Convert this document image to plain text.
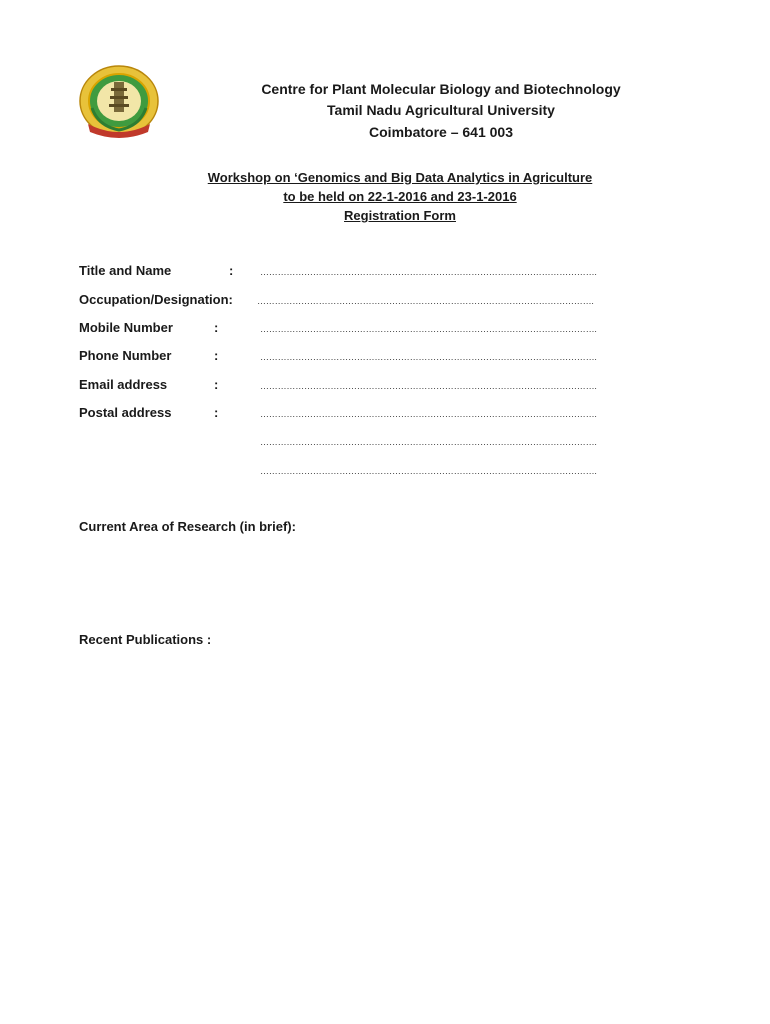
Centre for Plant Molecular Biology and Biotechnology
Tamil Nadu Agricultural University
Coimbatore – 641 003
Workshop on ‘Genomics and Big Data Analytics in Agriculture
to be held on 22-1-2016 and 23-1-2016
Registration Form
Title and Name	:	…………………………………………………………………………………………………….
Occupation/Designation:	…………………………………………………………………………………………………….
Mobile Number	:	…………………………………………………………………………………………………….
Phone Number	:	…………………………………………………………………………………………………….
Email address	:	…………………………………………………………………………………………………….
Postal address	:	…………………………………………………………………………………………………….
…………………………………………………………………………………………………….
…………………………………………………………………………………………………….
Current Area of Research (in brief):
Recent Publications :
